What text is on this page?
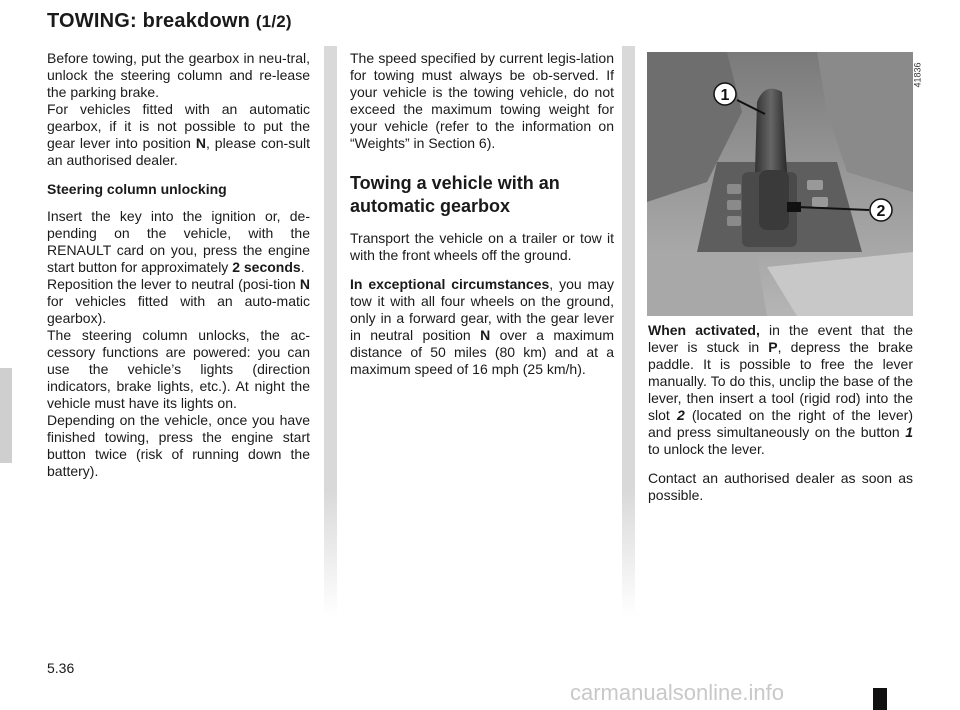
TOWING: breakdown (1/2)

Before towing, put the gearbox in neu-tral, unlock the steering column and re-lease the parking brake.

For vehicles fitted with an automatic gearbox, if it is not possible to put the gear lever into position N, please con-sult an authorised dealer.

Steering column unlocking

Insert the key into the ignition or, de-pending on the vehicle, with the RENAULT card on you, press the engine start button for approximately 2 seconds.

Reposition the lever to neutral (posi-tion N for vehicles fitted with an auto-matic gearbox).

The steering column unlocks, the ac-cessory functions are powered: you can use the vehicle’s lights (direction indicators, brake lights, etc.). At night the vehicle must have its lights on.

Depending on the vehicle, once you have finished towing, press the engine start button twice (risk of running down the battery).

The speed specified by current legis-lation for towing must always be ob-served. If your vehicle is the towing vehicle, do not exceed the maximum towing weight for your vehicle (refer to the information on “Weights” in Section 6).

Towing a vehicle with an automatic gearbox

Transport the vehicle on a trailer or tow it with the front wheels off the ground.

In exceptional circumstances, you may tow it with all four wheels on the ground, only in a forward gear, with the gear lever in neutral position N over a maximum distance of 50 miles (80 km) and at a maximum speed of 16 mph (25 km/h).

1
2
41836

When activated, in the event that the lever is stuck in P, depress the brake paddle. It is possible to free the lever manually. To do this, unclip the base of the lever, then insert a tool (rigid rod) into the slot 2 (located on the right of the lever) and press simultaneously on the button 1 to unlock the lever.

Contact an authorised dealer as soon as possible.

5.36
carmanualsonline.info
